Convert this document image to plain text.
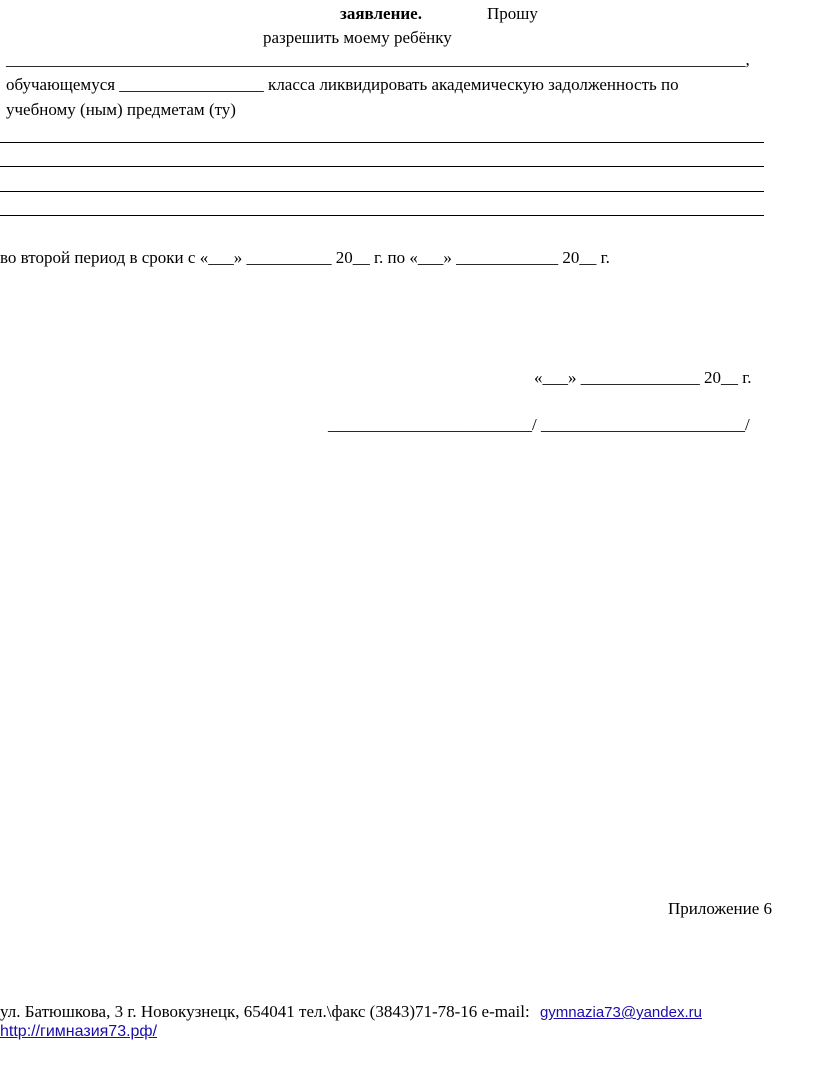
заявление.	Прошу
разрешить моему ребёнку
_______________________________________________________________________________________,
обучающемуся _________________ класса ликвидировать академическую задолженность по
учебному (ным) предметам (ту)
во второй период в сроки с «___» __________ 20__ г. по «___» ____________ 20__ г.
«___» ______________ 20__ г.
________________________/ ________________________/
Приложение 6
ул. Батюшкова, 3 г. Новокузнецк, 654041 тел.\факс (3843)71-78-16 e-mail: gymnazia73@yandex.ru
http://гимназия73.рф/
